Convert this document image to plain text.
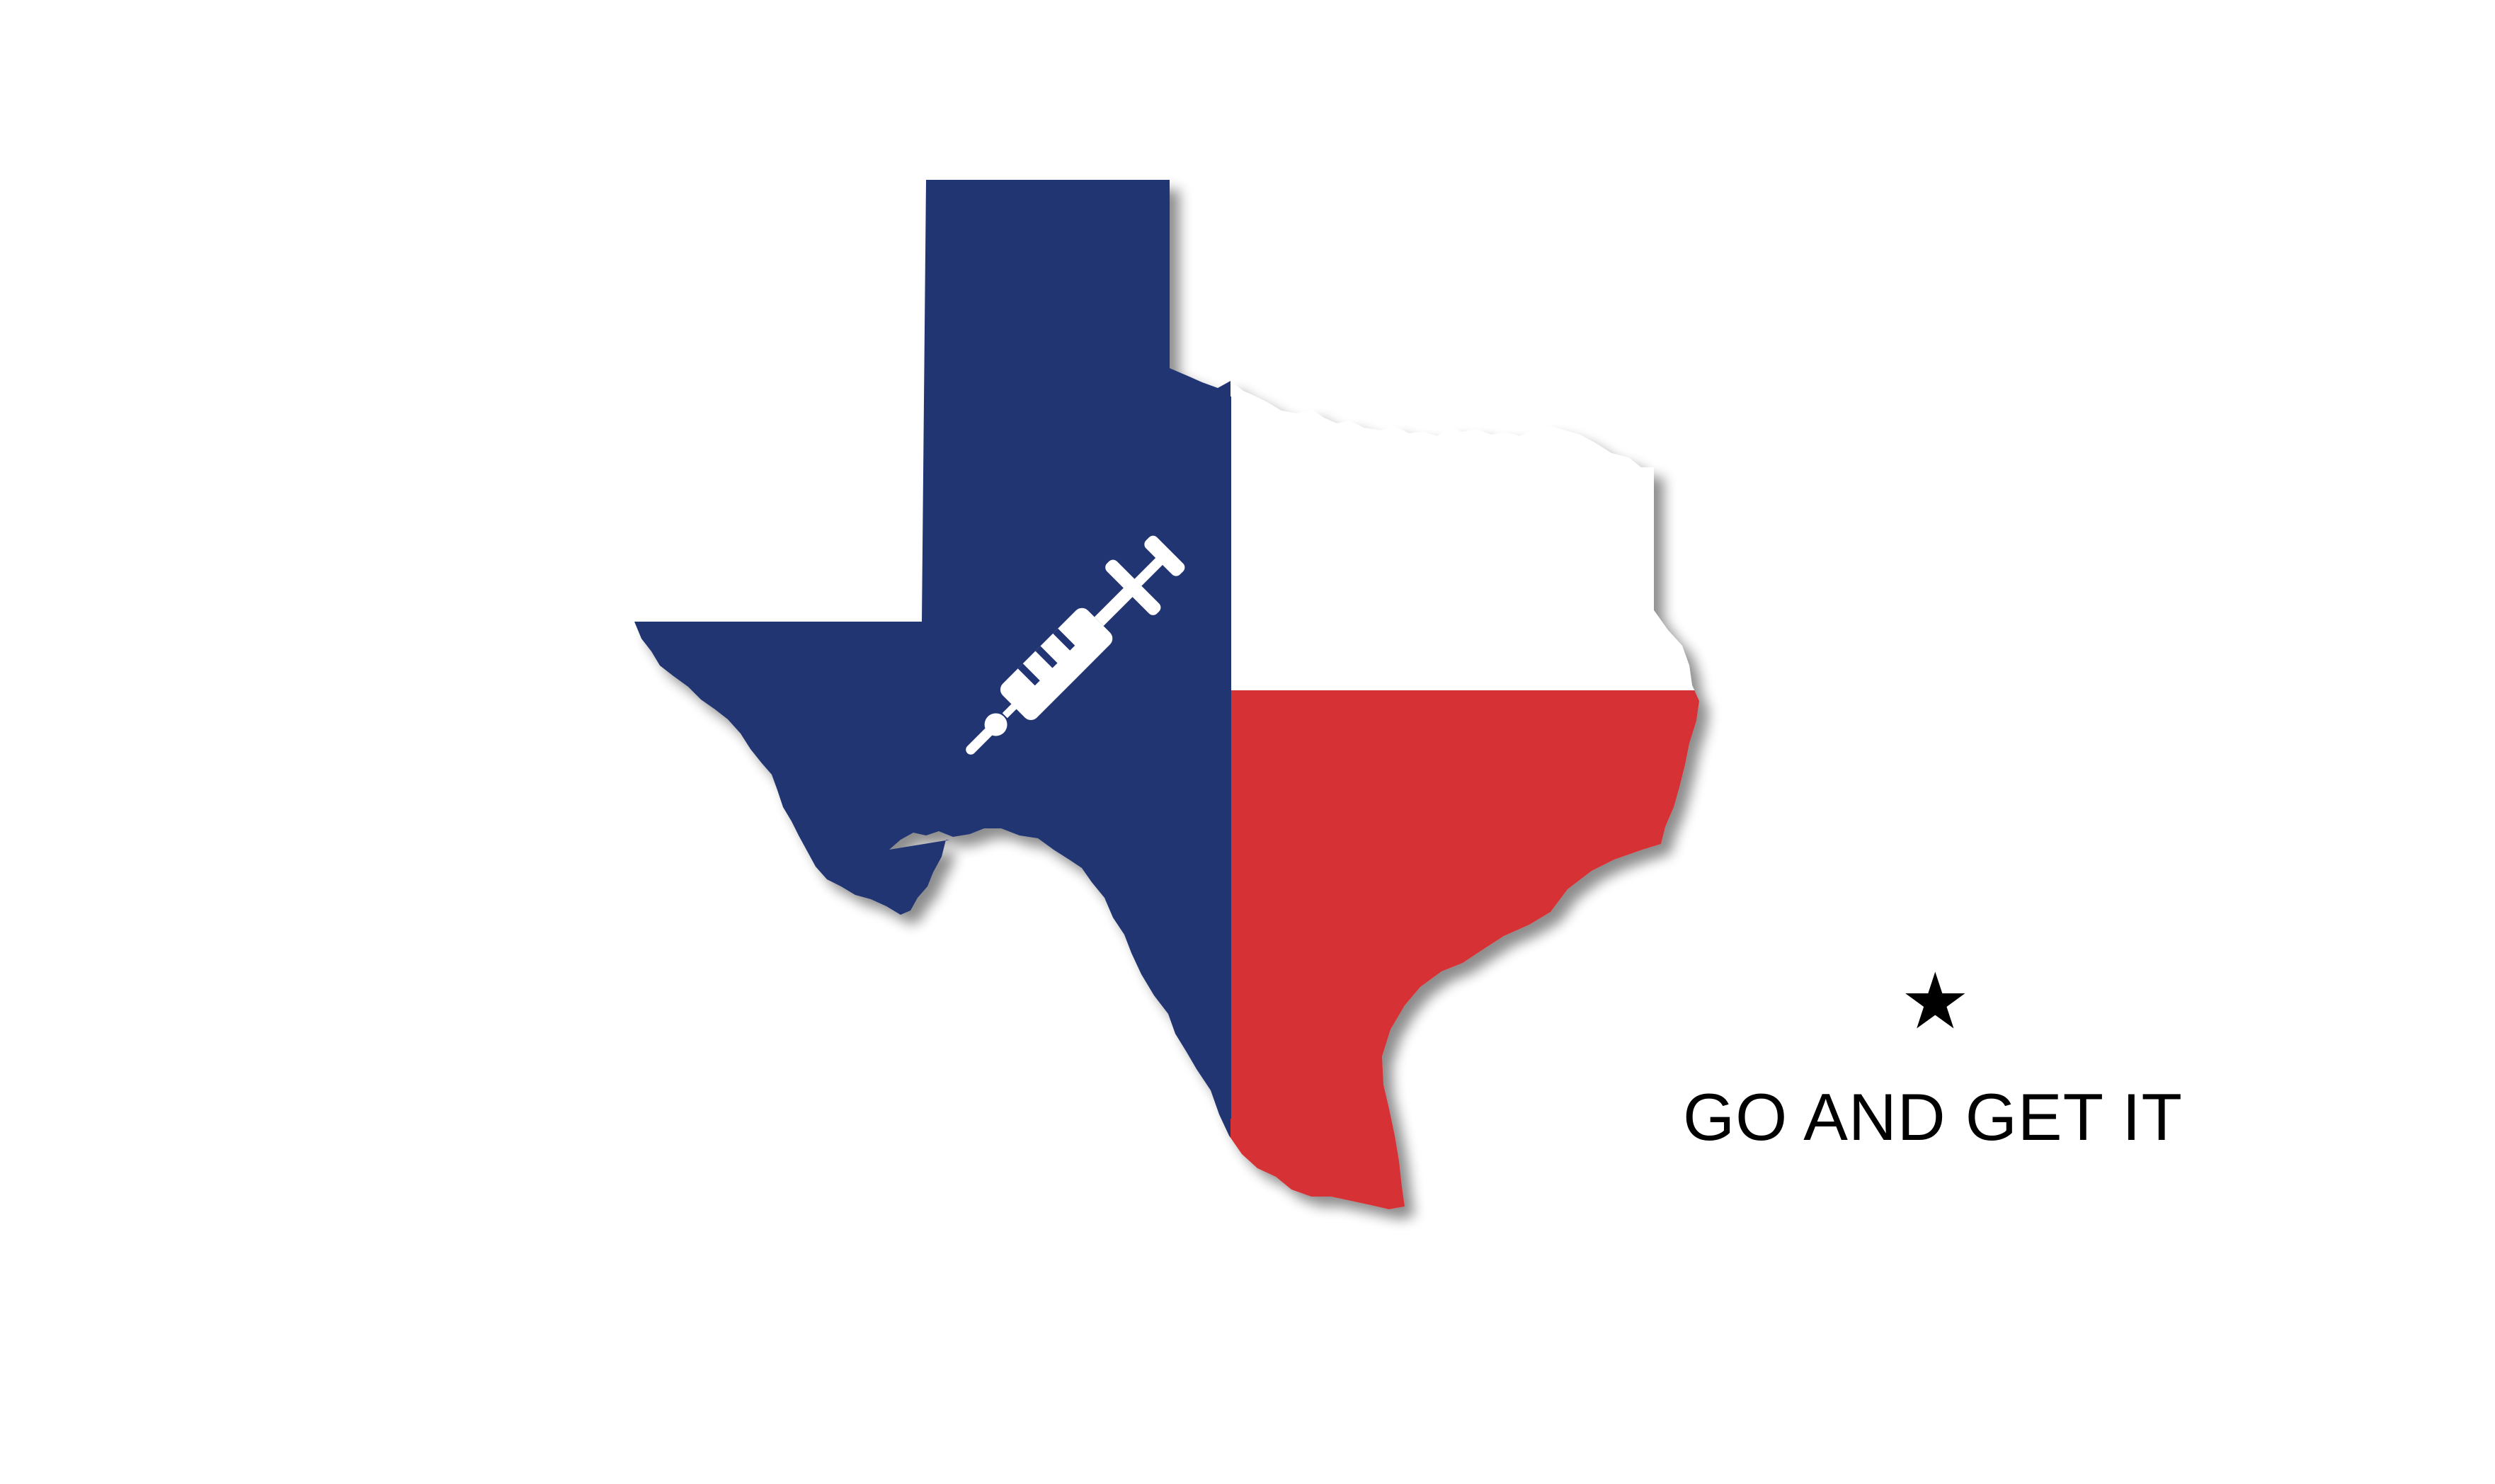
★
GO AND GET IT
